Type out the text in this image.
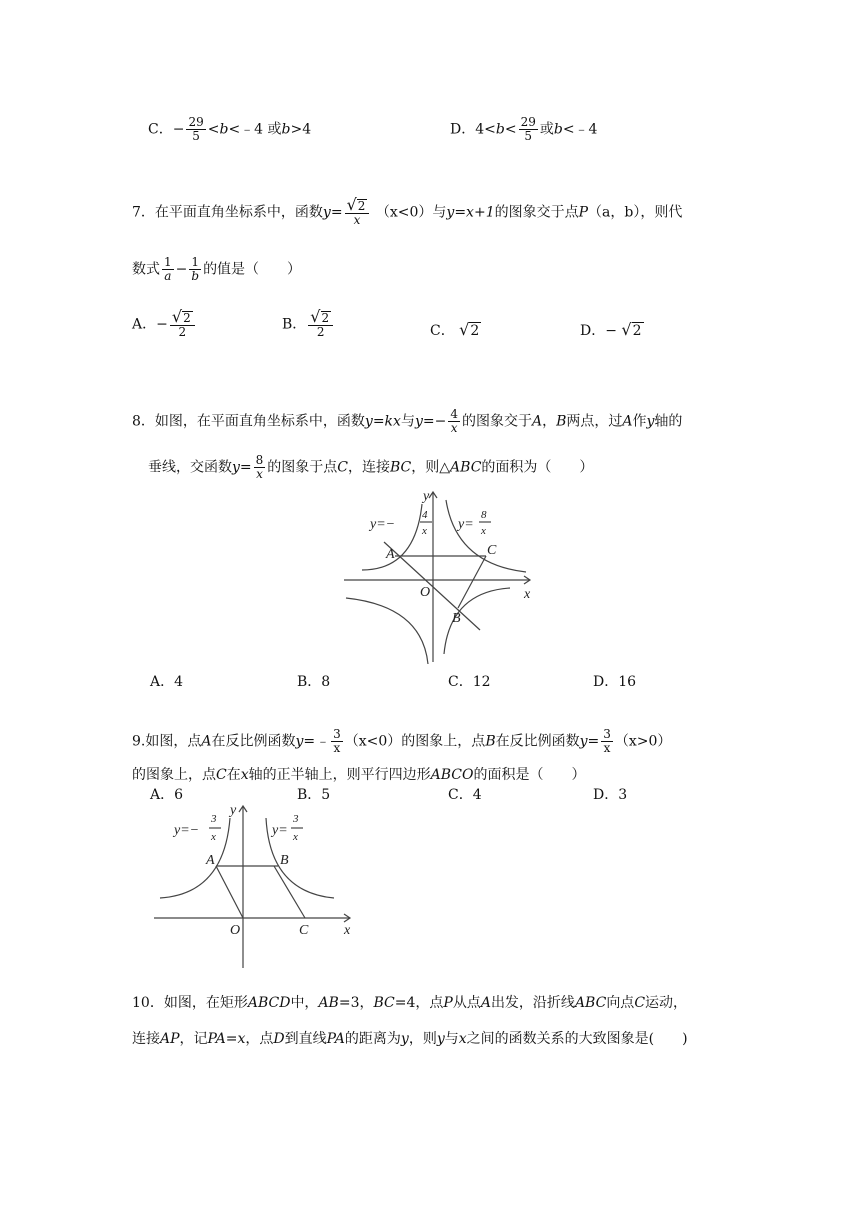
C．− $\frac{29}{5}$ <b<﹣4 或b>4	D．$4<b< \frac{29}{5}$ 或b<﹣4
7．在平面直角坐标系中，函数$y= \frac{√2}{x} (x<0)$与y=x+1的图象交于点P（a，b），则代
数式 $\frac{1}{a} - \frac{1}{b}$ 的值是（　　）
A．− $\frac{√2}{2}$	B． $\frac{√2}{2}$	C． √2	D．− √2
8．如图，在平面直角坐标系中，函数y=kx与$y=- \frac{4}{x}$ 的图象交于A，B两点，过A作y轴的
垂线，交函数$y= \frac{8}{x}$ 的图象于点C，连接BC，则△ABC的面积为（　　）
y=−
4
x y=
8
x
A	C
B
O	x
y
A．4	B．8	C．12	D．16
9.如图，点A在反比例函数y=﹣ $\frac{3}{x} (x<0)$的图象上，点B在反比例函数$y= \frac{3}{x} (x>0)$
的图象上，点C在x轴的正半轴上，则平行四边形ABCO的面积是（　　）
A．6	B．5	C．4	D．3
y=−
3
x	y=
3
x
A	B
O	C	x
y
10．如图，在矩形ABCD中，AB=3，BC=4，点P从点A出发，沿折线ABC向点C运动，
连接AP，记PA=x，点D到直线PA的距离为y，则y与x之间的函数关系的大致图象是(　　)
